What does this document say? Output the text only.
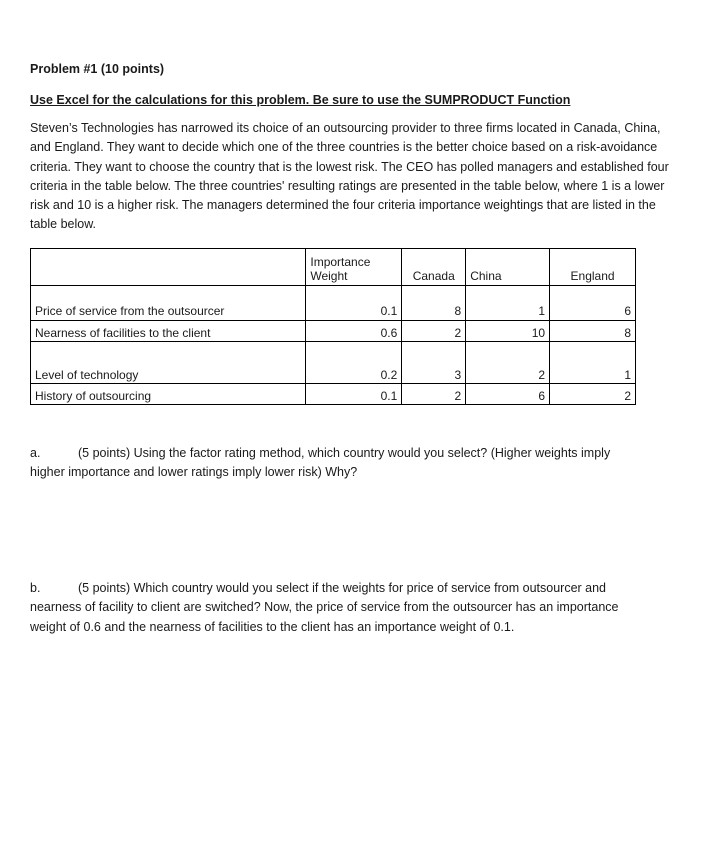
Problem #1 (10 points)

Use Excel for the calculations for this problem. Be sure to use the SUMPRODUCT Function
Steven’s Technologies has narrowed its choice of an outsourcing provider to three firms located in Canada, China, and England. They want to decide which one of the three countries is the better choice based on a risk-avoidance criteria. They want to choose the country that is the lowest risk. The CEO has polled managers and established four criteria in the table below. The three countries' resulting ratings are presented in the table below, where 1 is a lower risk and 10 is a higher risk. The managers determined the four criteria importance weightings that are listed in the table below.
	Importance Weight	Canada	China	England
Price of service from the outsourcer	0.1	8	1	6
Nearness of facilities to the client	0.6	2	10	8
Level of technology	0.2	3	2	1
History of outsourcing	0.1	2	6	2
a.	(5 points) Using the factor rating method, which country would you select? (Higher weights imply higher importance and lower ratings imply lower risk) Why?
b.	(5 points) Which country would you select if the weights for price of service from outsourcer and nearness of facility to client are switched? Now, the price of service from the outsourcer has an importance weight of 0.6 and the nearness of facilities to the client has an importance weight of 0.1.
